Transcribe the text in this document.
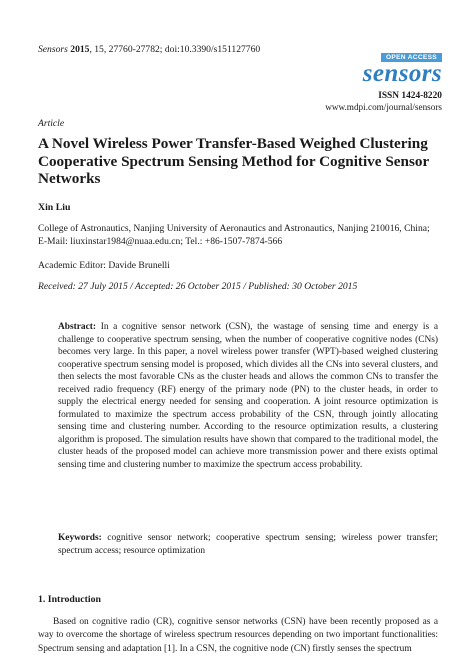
Sensors 2015, 15, 27760-27782; doi:10.3390/s151127760
OPEN ACCESS
sensors
ISSN 1424-8220
www.mdpi.com/journal/sensors
Article
A Novel Wireless Power Transfer-Based Weighed Clustering Cooperative Spectrum Sensing Method for Cognitive Sensor Networks
Xin Liu
College of Astronautics, Nanjing University of Aeronautics and Astronautics, Nanjing 210016, China;
E-Mail: liuxinstar1984@nuaa.edu.cn; Tel.: +86-1507-7874-566
Academic Editor: Davide Brunelli
Received: 27 July 2015 / Accepted: 26 October 2015 / Published: 30 October 2015
Abstract: In a cognitive sensor network (CSN), the wastage of sensing time and energy is a challenge to cooperative spectrum sensing, when the number of cooperative cognitive nodes (CNs) becomes very large. In this paper, a novel wireless power transfer (WPT)-based weighed clustering cooperative spectrum sensing model is proposed, which divides all the CNs into several clusters, and then selects the most favorable CNs as the cluster heads and allows the common CNs to transfer the received radio frequency (RF) energy of the primary node (PN) to the cluster heads, in order to supply the electrical energy needed for sensing and cooperation. A joint resource optimization is formulated to maximize the spectrum access probability of the CSN, through jointly allocating sensing time and clustering number. According to the resource optimization results, a clustering algorithm is proposed. The simulation results have shown that compared to the traditional model, the cluster heads of the proposed model can achieve more transmission power and there exists optimal sensing time and clustering number to maximize the spectrum access probability.
Keywords: cognitive sensor network; cooperative spectrum sensing; wireless power transfer; spectrum access; resource optimization
1. Introduction
Based on cognitive radio (CR), cognitive sensor networks (CSN) have been recently proposed as a way to overcome the shortage of wireless spectrum resources depending on two important functionalities: Spectrum sensing and adaptation [1]. In a CSN, the cognitive node (CN) firstly senses the spectrum
